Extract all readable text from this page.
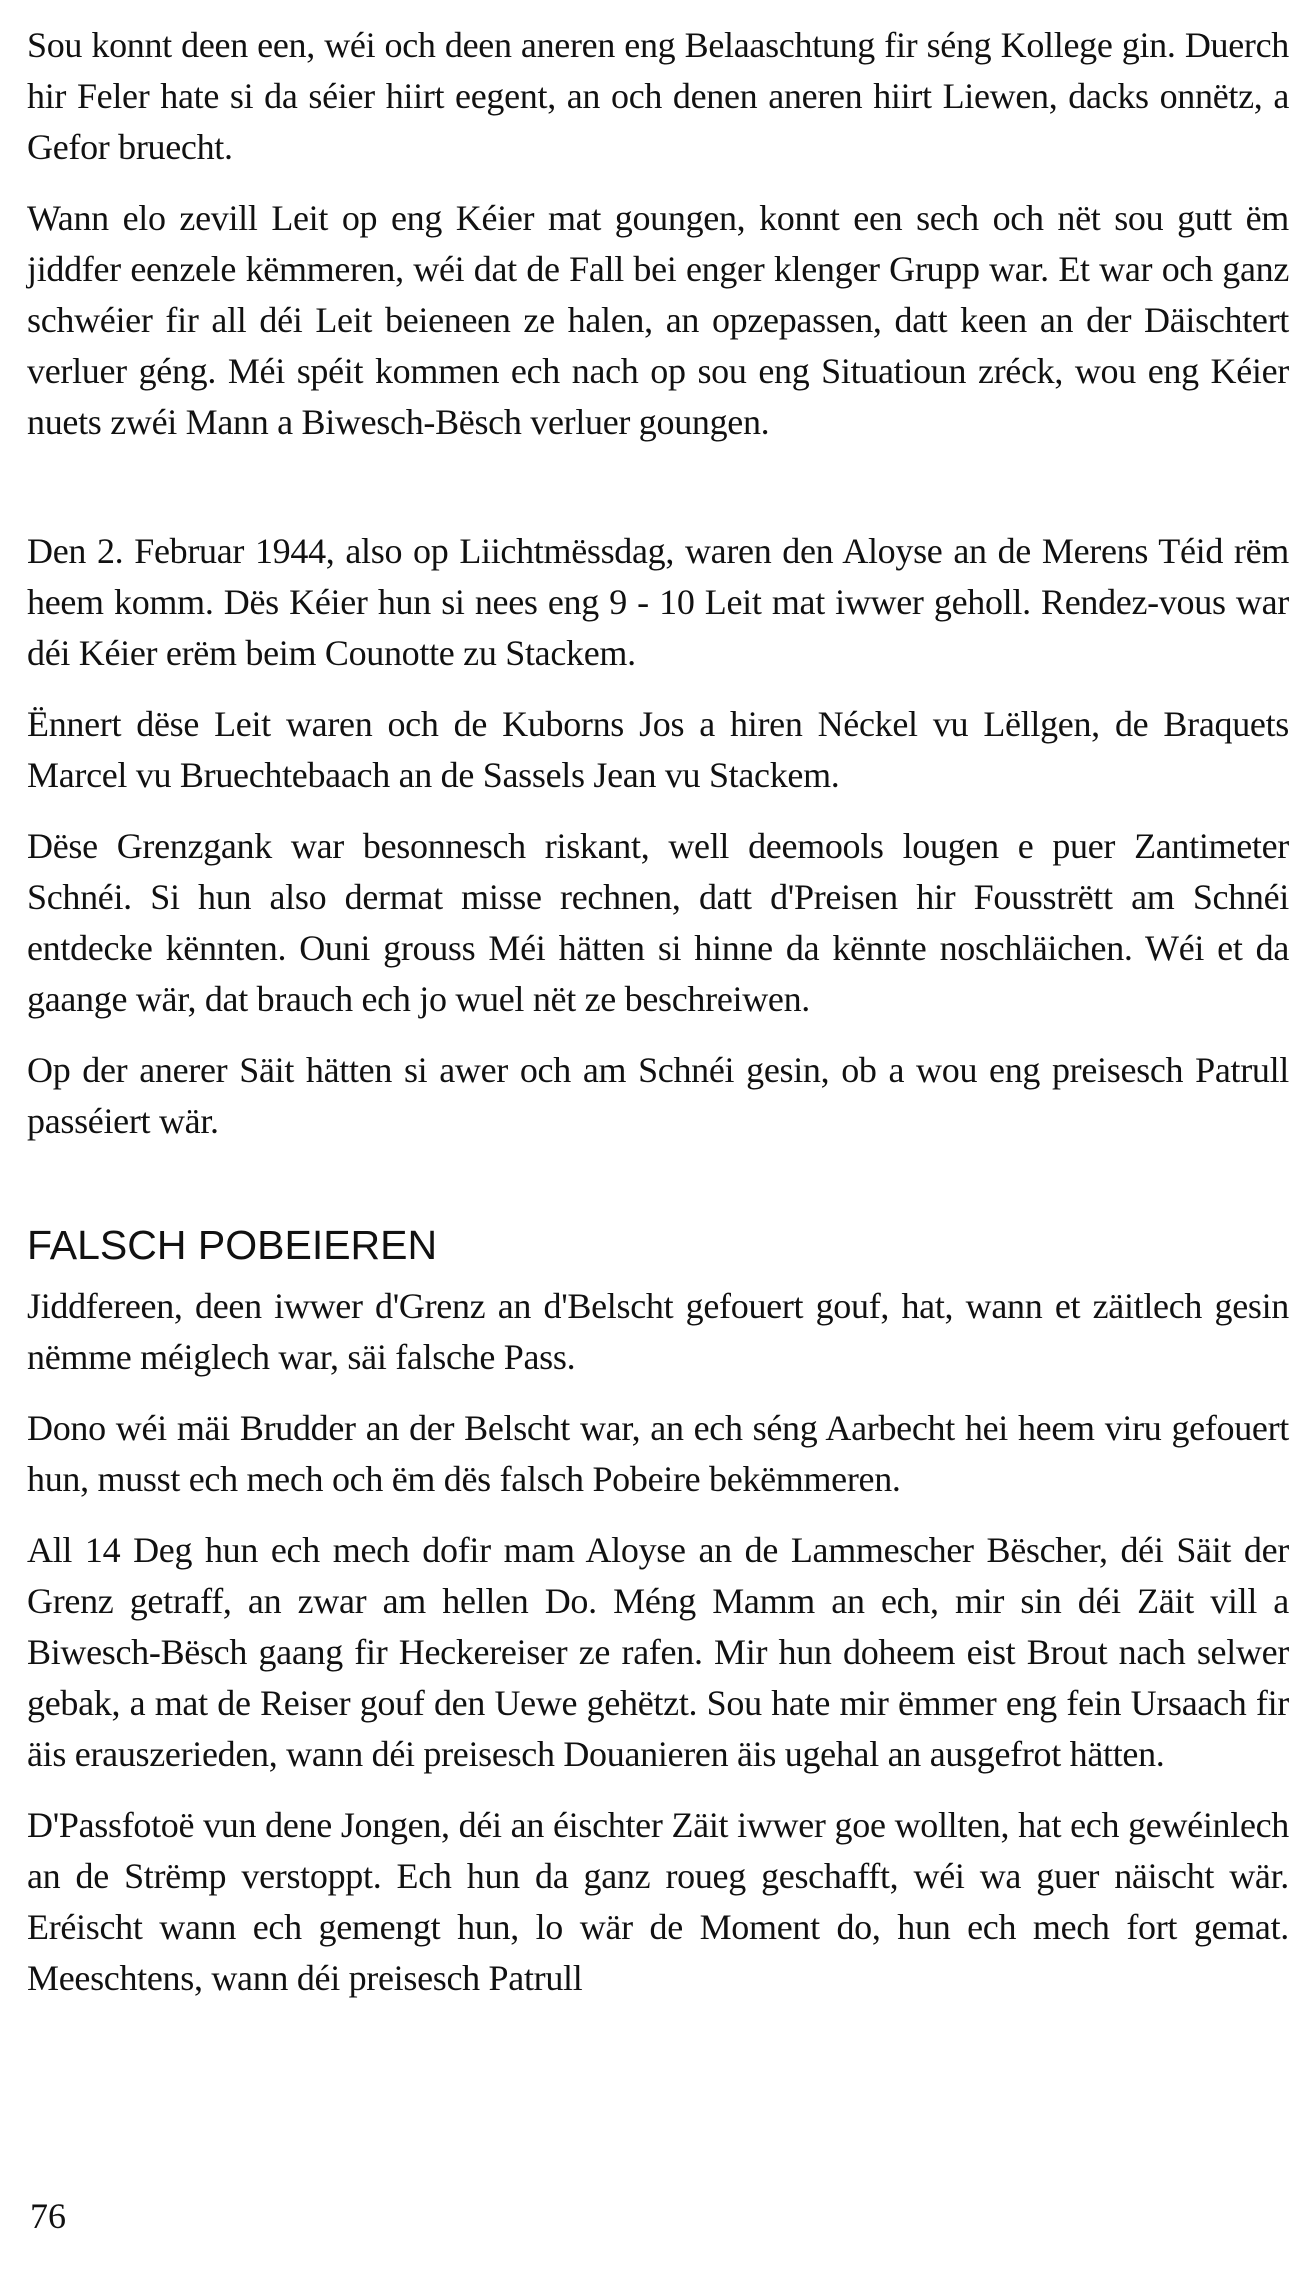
Sou konnt deen een, wéi och deen aneren eng Belaaschtung fir séng Kollege gin. Duerch hir Feler hate si da séier hiirt eegent, an och denen aneren hiirt Liewen, dacks onnëtz, a Gefor bruecht.

Wann elo zevill Leit op eng Kéier mat goungen, konnt een sech och nët sou gutt ëm jiddfer eenzele këmmeren, wéi dat de Fall bei enger klenger Grupp war. Et war och ganz schwéier fir all déi Leit beieneen ze halen, an opzepassen, datt keen an der Däischtert verluer géng. Méi spéit kommen ech nach op sou eng Situatioun zréck, wou eng Kéier nuets zwéi Mann a Biwesch-Bësch verluer goungen.

Den 2. Februar 1944, also op Liichtmëssdag, waren den Aloyse an de Merens Téid rëm heem komm. Dës Kéier hun si nees eng 9 - 10 Leit mat iwwer geholl. Rendez-vous war déi Kéier erëm beim Counotte zu Stackem.

Ënnert dëse Leit waren och de Kuborns Jos a hiren Néckel vu Lëllgen, de Braquets Marcel vu Bruechtebaach an de Sassels Jean vu Stackem.

Dëse Grenzgank war besonnesch riskant, well deemools lougen e puer Zantimeter Schnéi. Si hun also dermat misse rechnen, datt d'Preisen hir Fousstrëtt am Schnéi entdecke kënnten. Ouni grouss Méi hätten si hinne da kënnte noschläichen. Wéi et da gaange wär, dat brauch ech jo wuel nët ze beschreiwen.

Op der anerer Säit hätten si awer och am Schnéi gesin, ob a wou eng preisesch Patrull passéiert wär.

FALSCH POBEIEREN

Jiddfereen, deen iwwer d'Grenz an d'Belscht gefouert gouf, hat, wann et zäitlech gesin nëmme méiglech war, säi falsche Pass.

Dono wéi mäi Brudder an der Belscht war, an ech séng Aarbecht hei heem viru gefouert hun, musst ech mech och ëm dës falsch Pobeire bekëmmeren.

All 14 Deg hun ech mech dofir mam Aloyse an de Lammescher Bëscher, déi Säit der Grenz getraff, an zwar am hellen Do. Méng Mamm an ech, mir sin déi Zäit vill a Biwesch-Bësch gaang fir Heckereiser ze rafen. Mir hun doheem eist Brout nach selwer gebak, a mat de Reiser gouf den Uewe gehëtzt. Sou hate mir ëmmer eng fein Ursaach fir äis erauszerieden, wann déi preisesch Douanieren äis ugehal an ausgefrot hätten.

D'Passfotoë vun dene Jongen, déi an éischter Zäit iwwer goe wollten, hat ech gewéinlech an de Strëmp verstoppt. Ech hun da ganz roueg geschafft, wéi wa guer näischt wär. Eréischt wann ech gemengt hun, lo wär de Moment do, hun ech mech fort gemat. Meeschtens, wann déi preisesch Patrull

76
